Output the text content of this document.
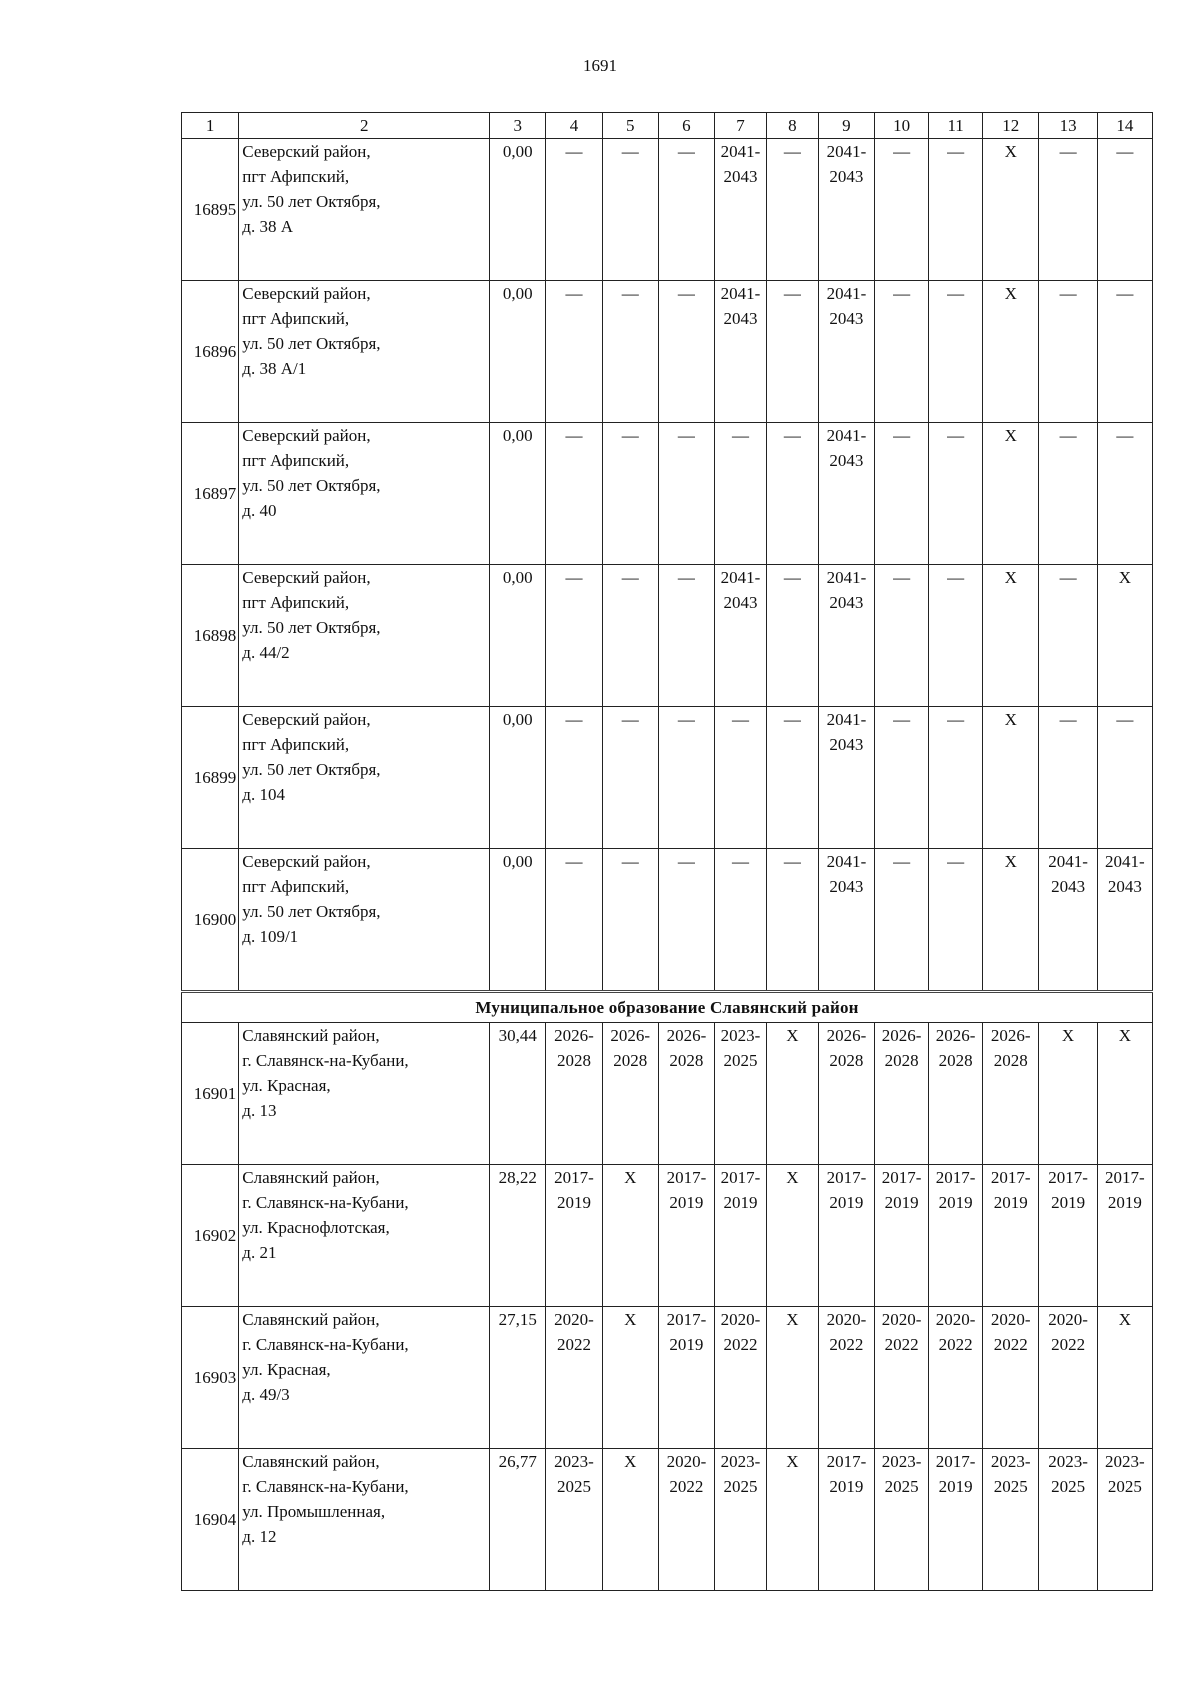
1691
1	2	3	4	5	6	7	8	9	10	11	12	13	14
16895	Северский район,
пгт Афипский,
ул. 50 лет Октября,
д. 38 А	0,00	—	—	—	2041-
2043	—	2041-
2043	—	—	X	—	—

16896	Северский район,
пгт Афипский,
ул. 50 лет Октября,
д. 38 А/1	0,00	—	—	—	2041-
2043	—	2041-
2043	—	—	X	—	—

16897	Северский район,
пгт Афипский,
ул. 50 лет Октября,
д. 40	0,00	—	—	—	—	—	2041-
2043	—	—	X	—	—

16898	Северский район,
пгт Афипский,
ул. 50 лет Октября,
д. 44/2	0,00	—	—	—	2041-
2043	—	2041-
2043	—	—	X	—	X

16899	Северский район,
пгт Афипский,
ул. 50 лет Октября,
д. 104	0,00	—	—	—	—	—	2041-
2043	—	—	X	—	—

16900	Северский район,
пгт Афипский,
ул. 50 лет Октября,
д. 109/1	0,00	—	—	—	—	—	2041-
2043	—	—	X	2041-
2043	2041-
2043

Муниципальное образование Славянский район													
16901	Славянский район,
г. Славянск-на-Кубани,
ул. Красная,
д. 13	30,44	2026-
2028	2026-
2028	2026-
2028	2023-
2025	X	2026-
2028	2026-
2028	2026-
2028	2026-
2028	X	X

16902	Славянский район,
г. Славянск-на-Кубани,
ул. Краснофлотская,
д. 21	28,22	2017-
2019	X	2017-
2019	2017-
2019	X	2017-
2019	2017-
2019	2017-
2019	2017-
2019	2017-
2019	2017-
2019

16903	Славянский район,
г. Славянск-на-Кубани,
ул. Красная,
д. 49/3	27,15	2020-
2022	X	2017-
2019	2020-
2022	X	2020-
2022	2020-
2022	2020-
2022	2020-
2022	2020-
2022	X

16904	Славянский район,
г. Славянск-на-Кубани,
ул. Промышленная,
д. 12	26,77	2023-
2025	X	2020-
2022	2023-
2025	X	2017-
2019	2023-
2025	2017-
2019	2023-
2025	2023-
2025	2023-
2025
